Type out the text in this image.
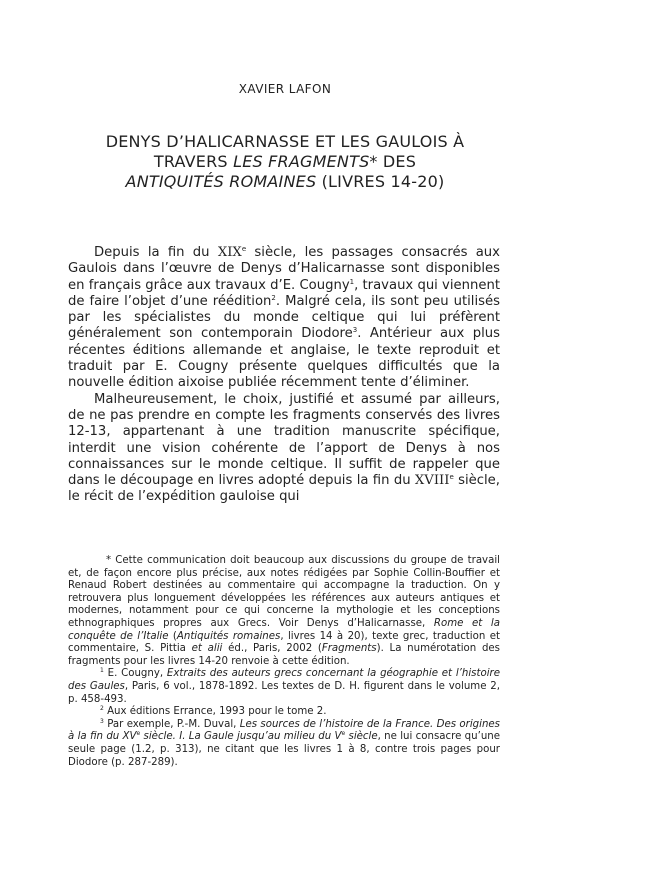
XAVIER LAFON
DENYS D’HALICARNASSE ET LES GAULOIS À
TRAVERS LES FRAGMENTS* DES
ANTIQUITÉS ROMAINES (LIVRES 14-20)

Depuis la fin du XIXe siècle, les passages consacrés aux Gaulois dans l’œuvre de Denys d’Halicarnasse sont disponibles en français grâce aux travaux d’E. Cougny$^1$, travaux qui viennent de faire l’objet d’une réédition$^2$. Malgré cela, ils sont peu utilisés par les spécialistes du monde celtique qui lui préfèrent généralement son contemporain Diodore$^3$. Antérieur aux plus récentes éditions allemande et anglaise, le texte reproduit et traduit par E. Cougny présente quelques difficultés que la nouvelle édition aixoise publiée récemment tente d’éliminer.

Malheureusement, le choix, justifié et assumé par ailleurs, de ne pas prendre en compte les fragments conservés des livres 12-13, appartenant à une tradition manuscrite spécifique, interdit une vision cohérente de l’apport de Denys à nos connaissances sur le monde celtique. Il suffit de rappeler que dans le découpage en livres adopté depuis la fin du XVIIIe siècle, le récit de l’expédition gauloise qui

* Cette communication doit beaucoup aux discussions du groupe de travail et, de façon encore plus précise, aux notes rédigées par Sophie Collin-Bouffier et Renaud Robert destinées au commentaire qui accompagne la traduction. On y retrouvera plus longuement développées les références aux auteurs antiques et modernes, notamment pour ce qui concerne la mythologie et les conceptions ethnographiques propres aux Grecs. Voir Denys d’Halicarnasse, Rome et la conquête de l’Italie (Antiquités romaines, livres 14 à 20), texte grec, traduction et commentaire, S. Pittia et alii éd., Paris, 2002 (Fragments). La numérotation des fragments pour les livres 14-20 renvoie à cette édition.

$^1$ E. Cougny, Extraits des auteurs grecs concernant la géographie et l’histoire des Gaules, Paris, 6 vol., 1878-1892. Les textes de D. H. figurent dans le volume 2, p. 458-493.

$^2$ Aux éditions Errance, 1993 pour le tome 2.

$^3$ Par exemple, P.-M. Duval, Les sources de l’histoire de la France. Des origines à la fin du XVe siècle. I. La Gaule jusqu’au milieu du Ve siècle, ne lui consacre qu’une seule page (1.2, p. 313), ne citant que les livres 1 à 8, contre trois pages pour Diodore (p. 287-289).
